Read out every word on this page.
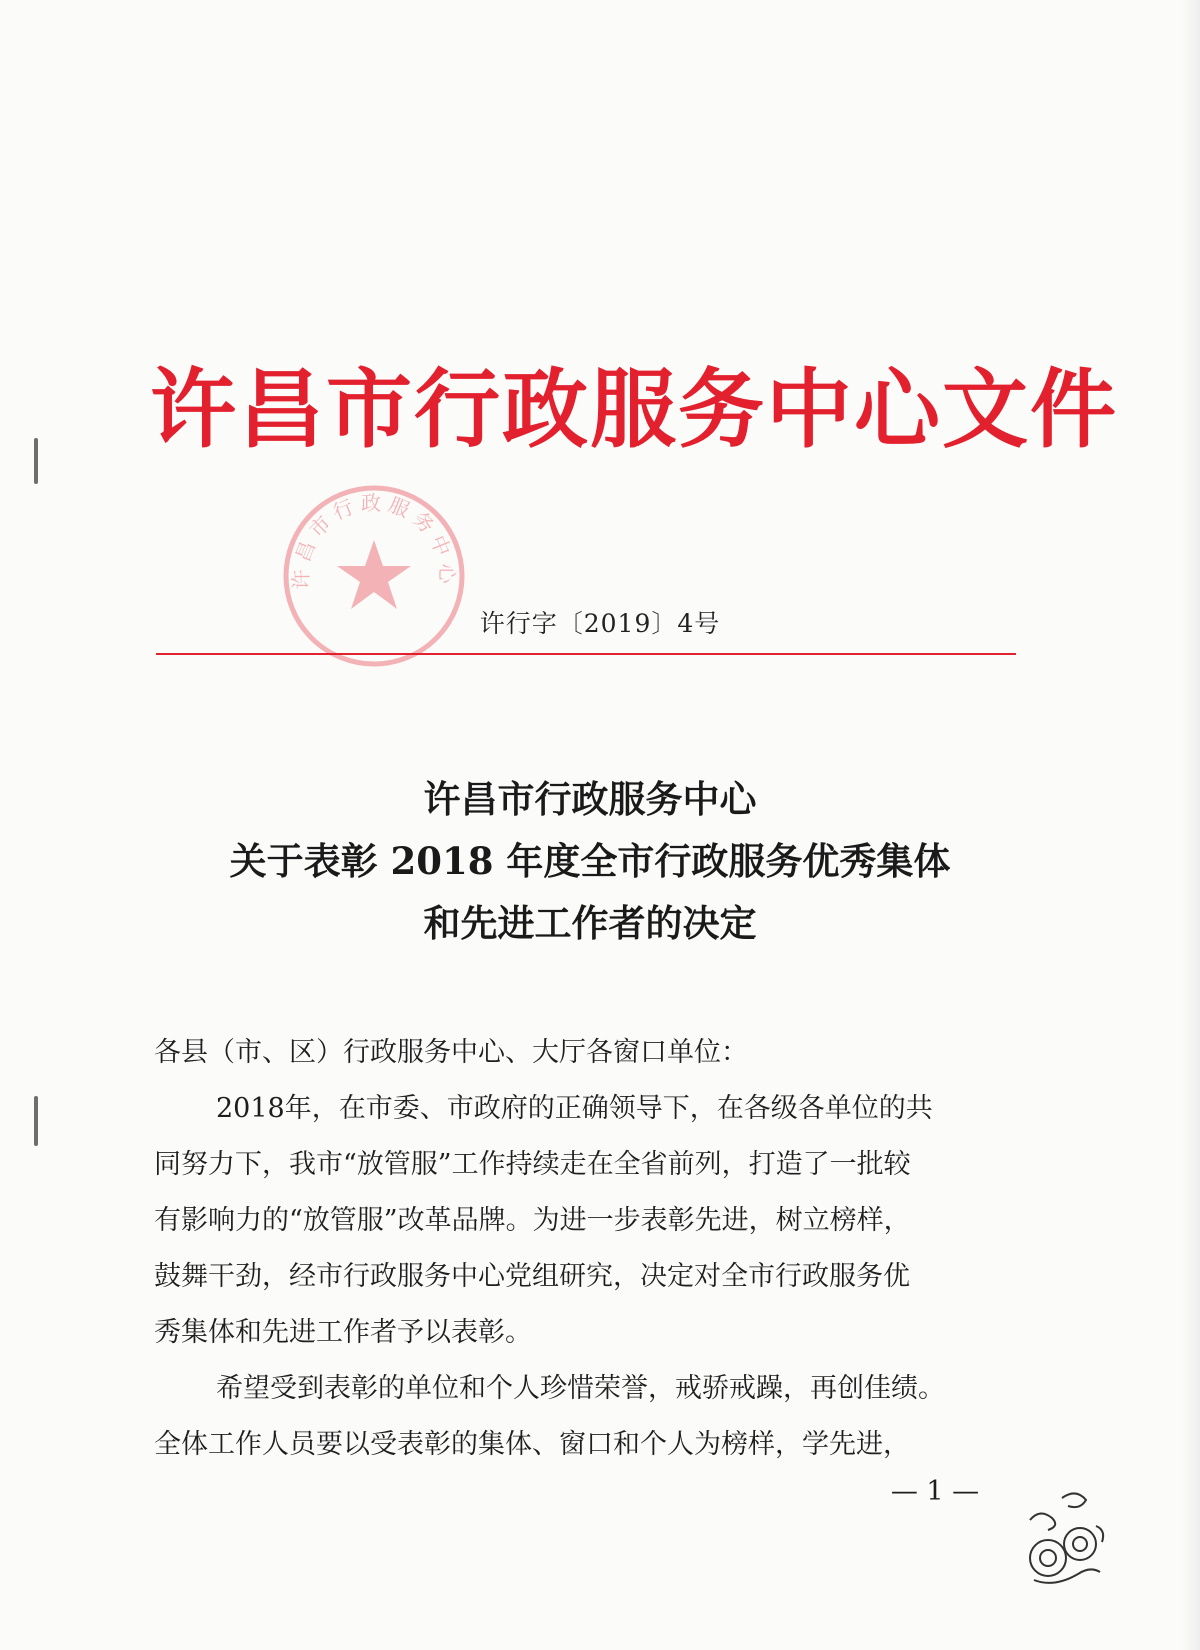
许昌市行政服务中心文件
许昌市行政服务中心
许行字〔2019〕4号
许昌市行政服务中心
关于表彰 2018 年度全市行政服务优秀集体
和先进工作者的决定
各县（市、区）行政服务中心、大厅各窗口单位：
2018年，在市委、市政府的正确领导下，在各级各单位的共
同努力下，我市“放管服”工作持续走在全省前列，打造了一批较
有影响力的“放管服”改革品牌。为进一步表彰先进，树立榜样，
鼓舞干劲，经市行政服务中心党组研究，决定对全市行政服务优
秀集体和先进工作者予以表彰。
希望受到表彰的单位和个人珍惜荣誉，戒骄戒躁，再创佳绩。
全体工作人员要以受表彰的集体、窗口和个人为榜样，学先进，
— 1 —
